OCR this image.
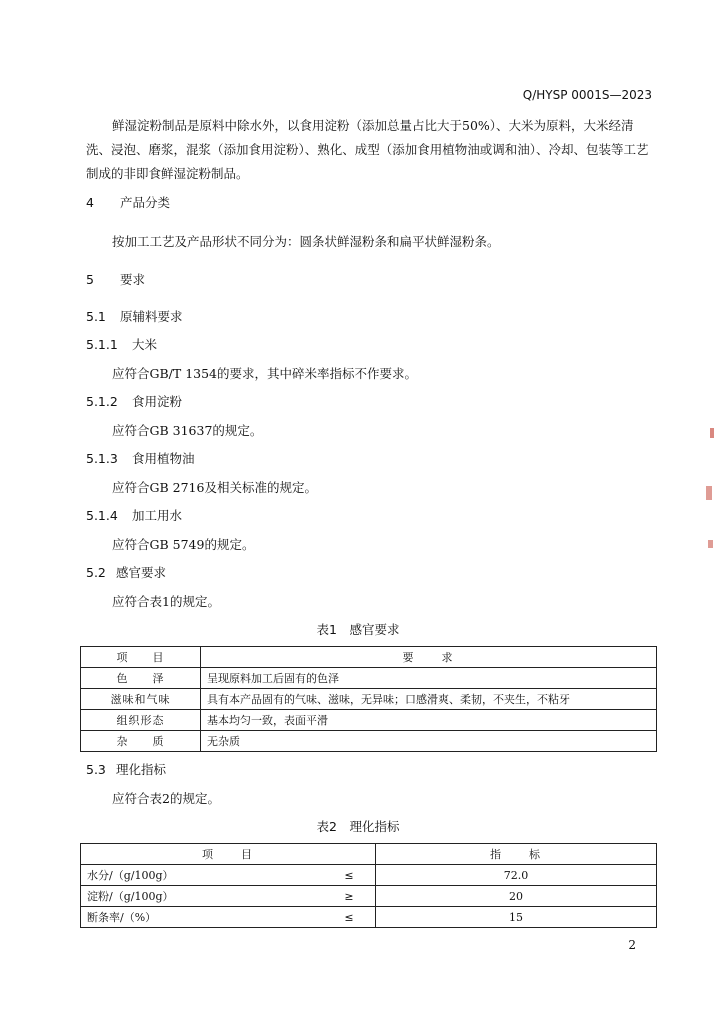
Q/HYSP 0001S—2023
鲜湿淀粉制品是原料中除水外，以食用淀粉（添加总量占比大于50%）、大米为原料，大米经清洗、浸泡、磨浆，混浆（添加食用淀粉）、熟化、成型（添加食用植物油或调和油）、冷却、包装等工艺制成的非即食鲜湿淀粉制品。
4 产品分类
按加工工艺及产品形状不同分为：圆条状鲜湿粉条和扁平状鲜湿粉条。
5 要求
5.1 原辅料要求
5.1.1 大米
应符合GB/T 1354的要求，其中碎米率指标不作要求。
5.1.2 食用淀粉
应符合GB 31637的规定。
5.1.3 食用植物油
应符合GB 2716及相关标准的规定。
5.1.4 加工用水
应符合GB 5749的规定。
5.2 感官要求
应符合表1的规定。
表1　感官要求
项　　目	要　　求
色　　泽	呈现原料加工后固有的色泽
滋味和气味	具有本产品固有的气味、滋味，无异味；口感滑爽、柔韧，不夹生，不粘牙
组织形态	基本均匀一致，表面平滑
杂　　质	无杂质
5.3 理化指标
应符合表2的规定。
表2　理化指标
项　　目		指　　标
水分/（g/100g）	≤	72.0
淀粉/（g/100g）	≥	20
断条率/（%）	≤	15
2
